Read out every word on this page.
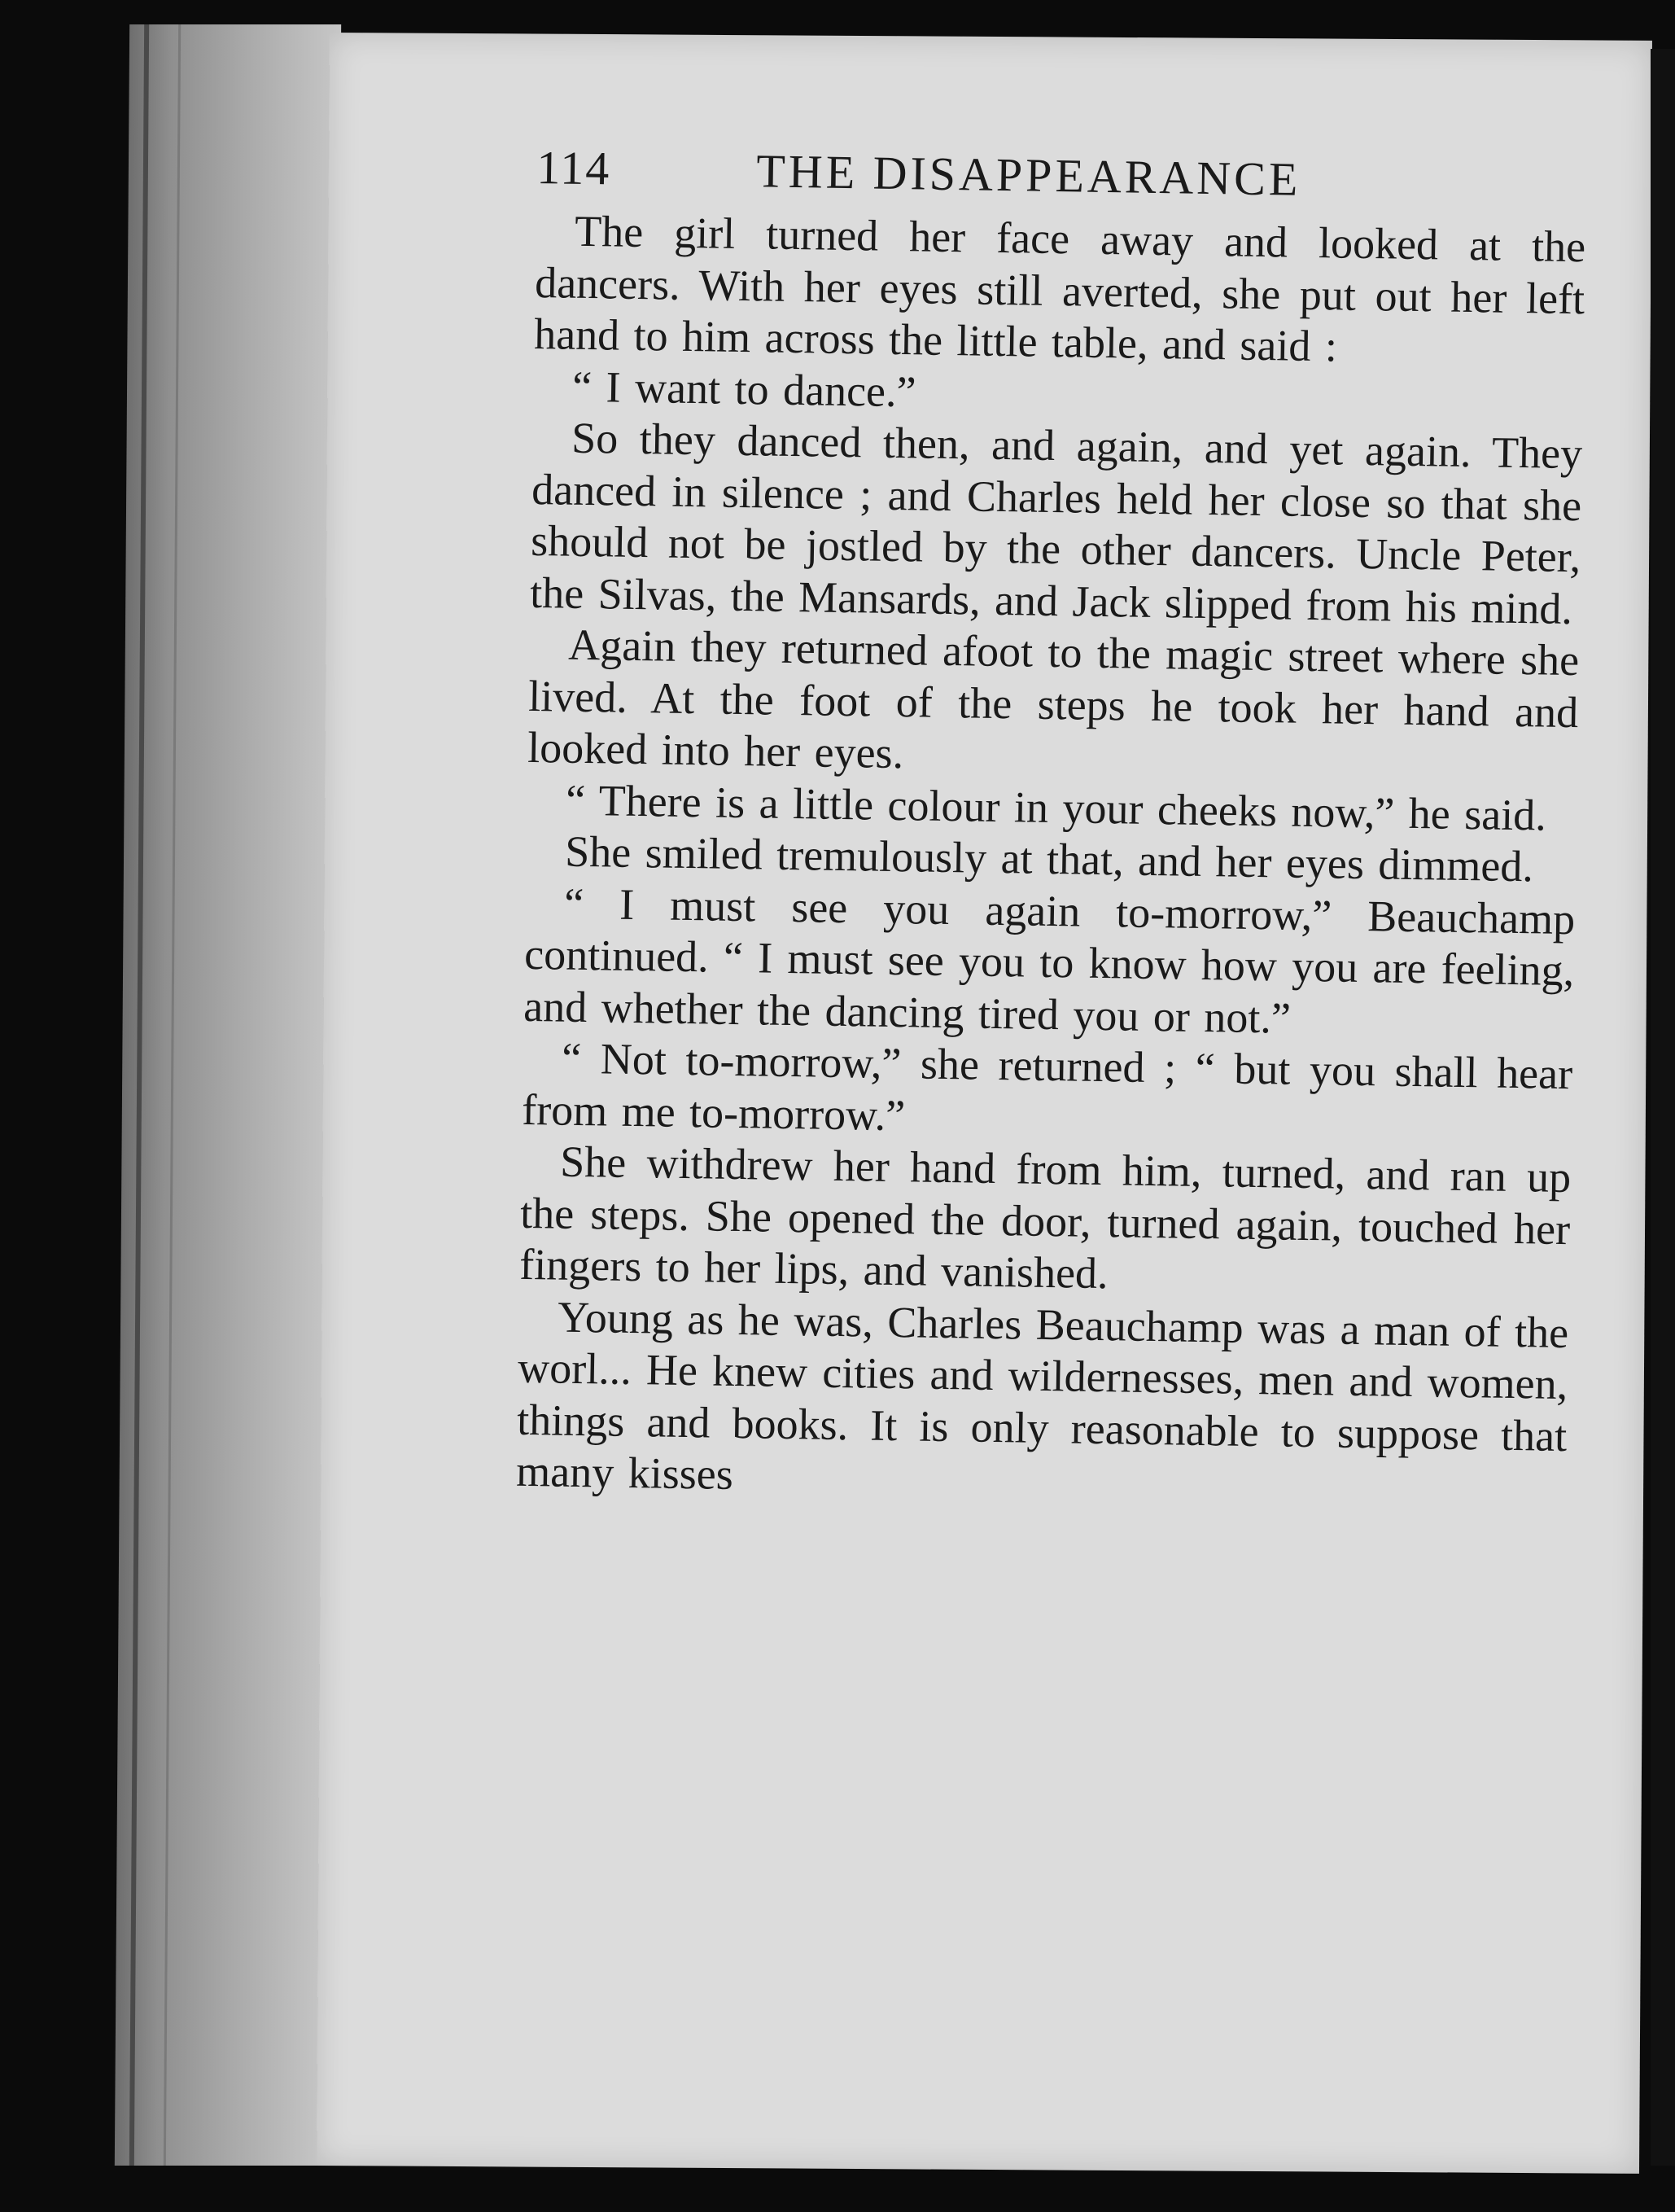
114	THE DISAPPEARANCE

The girl turned her face away and looked at the dancers. With her eyes still averted, she put out her left hand to him across the little table, and said :

“ I want to dance.”

So they danced then, and again, and yet again. They danced in silence ; and Charles held her close so that she should not be jostled by the other dancers. Uncle Peter, the Silvas, the Mansards, and Jack slipped from his mind.

Again they returned afoot to the magic street where she lived. At the foot of the steps he took her hand and looked into her eyes.

“ There is a little colour in your cheeks now,” he said.

She smiled tremulously at that, and her eyes dimmed.

“ I must see you again to-morrow,” Beauchamp continued. “ I must see you to know how you are feeling, and whether the dancing tired you or not.”

“ Not to-morrow,” she returned ; “ but you shall hear from me to-morrow.”

She withdrew her hand from him, turned, and ran up the steps. She opened the door, turned again, touched her fingers to her lips, and vanished.

Young as he was, Charles Beauchamp was a man of the worl... He knew cities and wildernesses, men and women, things and books. It is only reasonable to suppose that many kisses
